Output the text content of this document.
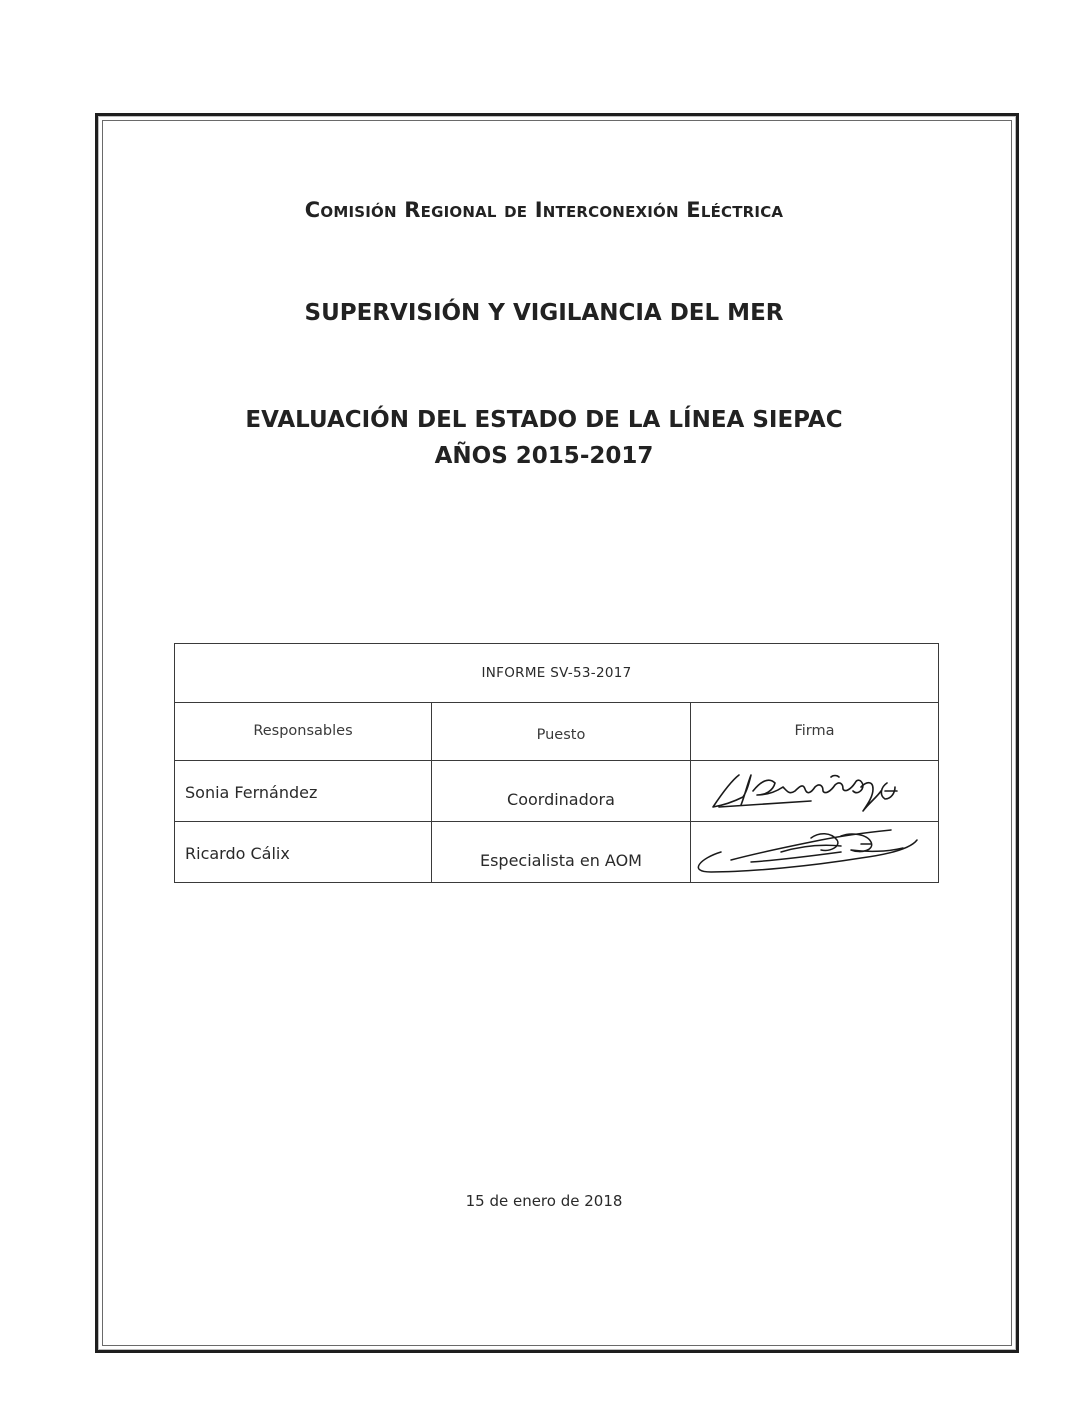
Comisión Regional de Interconexión Eléctrica
SUPERVISIÓN Y VIGILANCIA DEL MER
EVALUACIÓN DEL ESTADO DE LA LÍNEA SIEPAC
AÑOS 2015-2017
INFORME SV-53-2017		
Responsables	Puesto	Firma
Sonia Fernández	Coordinadora	

Ricardo Cálix	Especialista en AOM	

15 de enero de 2018
